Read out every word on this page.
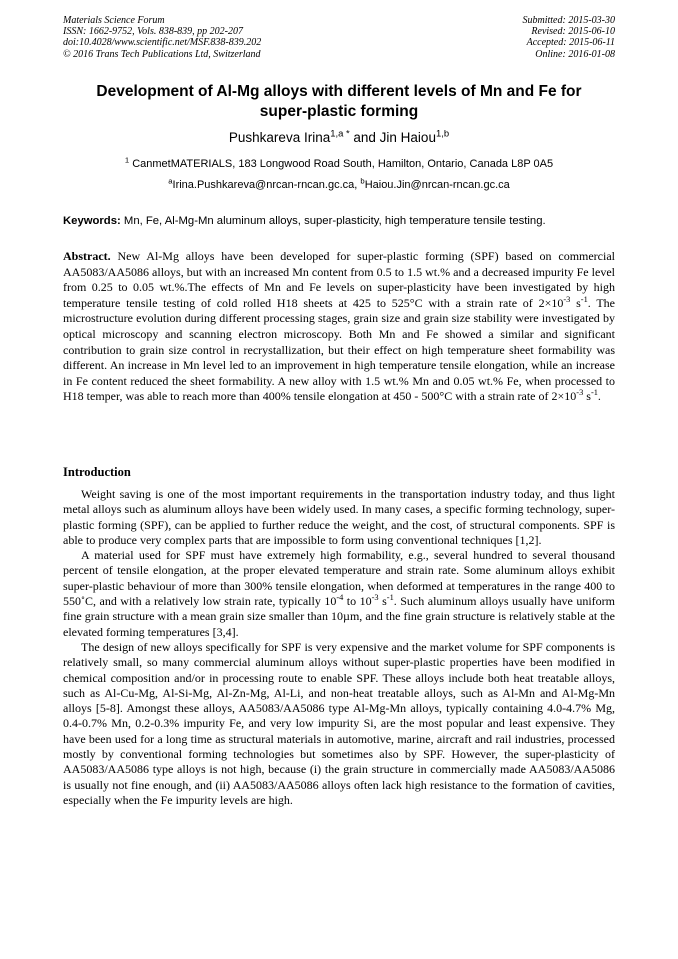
Materials Science Forum
ISSN: 1662-9752, Vols. 838-839, pp 202-207
doi:10.4028/www.scientific.net/MSF.838-839.202
© 2016 Trans Tech Publications Ltd, Switzerland
Submitted: 2015-03-30
Revised: 2015-06-10
Accepted: 2015-06-11
Online: 2016-01-08
Development of Al-Mg alloys with different levels of Mn and Fe for
super-plastic forming
Pushkareva Irina$^{1,a *}$ and Jin Haiou$^{1,b}$
$^1$ CanmetMATERIALS, 183 Longwood Road South, Hamilton, Ontario, Canada L8P 0A5
$^a$Irina.Pushkareva@nrcan-rncan.gc.ca, $^b$Haiou.Jin@nrcan-rncan.gc.ca
Keywords: Mn, Fe, Al-Mg-Mn aluminum alloys, super-plasticity, high temperature tensile testing.
Abstract. New Al-Mg alloys have been developed for super-plastic forming (SPF) based on commercial AA5083/AA5086 alloys, but with an increased Mn content from 0.5 to 1.5 wt.% and a decreased impurity Fe level from 0.25 to 0.05 wt.%.The effects of Mn and Fe levels on super-plasticity have been investigated by high temperature tensile testing of cold rolled H18 sheets at 425 to 525°C with a strain rate of $2\times 10^{-3}$ $s^{-1}$. The microstructure evolution during different processing stages, grain size and grain size stability were investigated by optical microscopy and scanning electron microscopy. Both Mn and Fe showed a similar and significant contribution to grain size control in recrystallization, but their effect on high temperature sheet formability was different. An increase in Mn level led to an improvement in high temperature tensile elongation, while an increase in Fe content reduced the sheet formability. A new alloy with 1.5 wt.% Mn and 0.05 wt.% Fe, when processed to H18 temper, was able to reach more than 400% tensile elongation at 450 - 500°C with a strain rate of $2\times 10^{-3}$ $s^{-1}$.
Introduction

Weight saving is one of the most important requirements in the transportation industry today, and thus light metal alloys such as aluminum alloys have been widely used. In many cases, a specific forming technology, super-plastic forming (SPF), can be applied to further reduce the weight, and the cost, of structural components. SPF is able to produce very complex parts that are impossible to form using conventional techniques [1,2].

A material used for SPF must have extremely high formability, e.g., several hundred to several thousand percent of tensile elongation, at the proper elevated temperature and strain rate. Some aluminum alloys exhibit super-plastic behaviour of more than 300% tensile elongation, when deformed at temperatures in the range 400 to 550˚C, and with a relatively low strain rate, typically $10^{-4}$ to $10^{-3}$ $s^{-1}$. Such aluminum alloys usually have uniform fine grain structure with a mean grain size smaller than 10µm, and the fine grain structure is relatively stable at the elevated forming temperatures [3,4].

The design of new alloys specifically for SPF is very expensive and the market volume for SPF components is relatively small, so many commercial aluminum alloys without super-plastic properties have been modified in chemical composition and/or in processing route to enable SPF. These alloys include both heat treatable alloys, such as Al-Cu-Mg, Al-Si-Mg, Al-Zn-Mg, Al-Li, and non-heat treatable alloys, such as Al-Mn and Al-Mg-Mn alloys [5-8]. Amongst these alloys, AA5083/AA5086 type Al-Mg-Mn alloys, typically containing 4.0-4.7% Mg, 0.4-0.7% Mn, 0.2-0.3% impurity Fe, and very low impurity Si, are the most popular and least expensive. They have been used for a long time as structural materials in automotive, marine, aircraft and rail industries, processed mostly by conventional forming technologies but sometimes also by SPF. However, the super-plasticity of AA5083/AA5086 type alloys is not high, because (i) the grain structure in commercially made AA5083/AA5086 is usually not fine enough, and (ii) AA5083/AA5086 alloys often lack high resistance to the formation of cavities, especially when the Fe impurity levels are high.
